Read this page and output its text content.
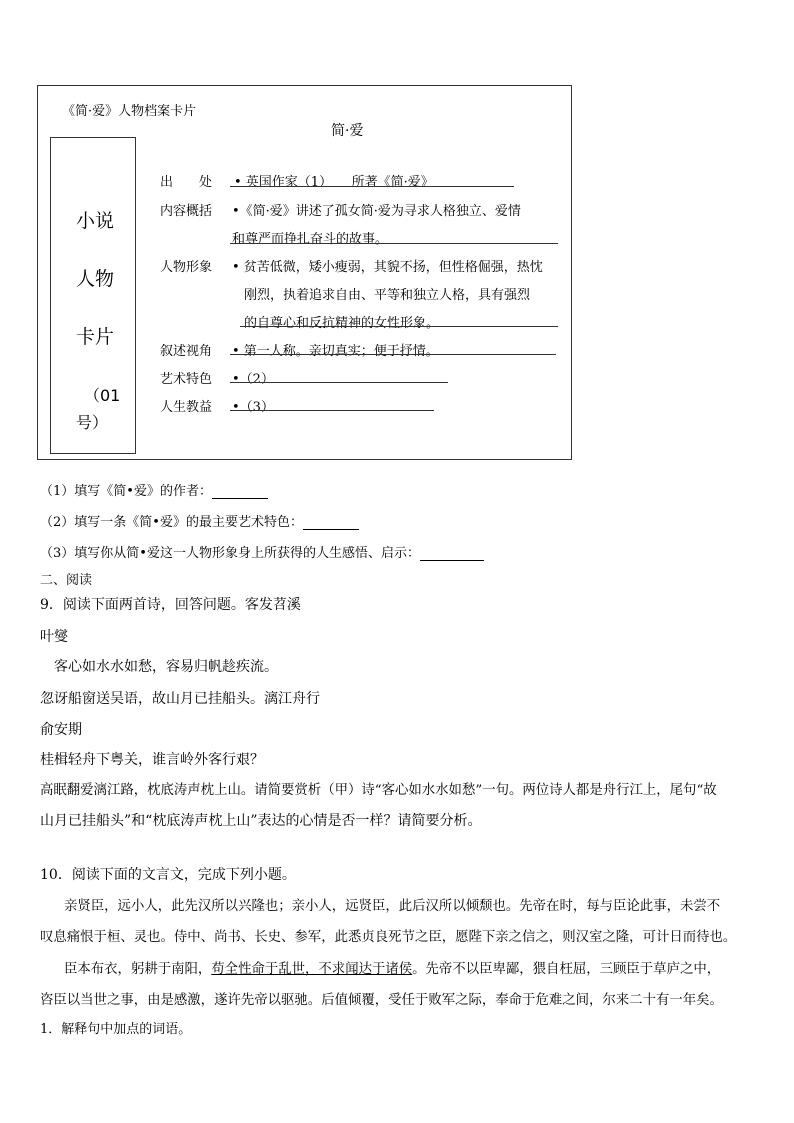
《简·爱》人物档案卡片
简·爱
小说
人物
卡片
（01
号）
出　　处 • 英国作家（1）　　所著《简·爱》
内容概括 •《简·爱》讲述了孤女简·爱为寻求人格独立、爱情
和尊严而挣扎奋斗的故事。
人物形象 • 贫苦低微，矮小瘦弱，其貌不扬，但性格倔强，热忱
刚烈，执着追求自由、平等和独立人格，具有强烈
的自尊心和反抗精神的女性形象。
叙述视角 • 第一人称。亲切真实；便于抒情。
艺术特色 •（2）
人生教益 •（3）
（1）填写《简•爱》的作者：
（2）填写一条《简•爱》的最主要艺术特色：
（3）填写你从简•爱这一人物形象身上所获得的人生感悟、启示：
二、阅读
9．阅读下面两首诗，回答问题。客发苕溪
叶燮
客心如水水如愁，容易归帆趁疾流。
忽讶船窗送吴语，故山月已挂船头。漓江舟行
俞安期
桂楫轻舟下粤关，谁言岭外客行艰？
高眠翻爱漓江路，枕底涛声枕上山。请简要赏析（甲）诗“客心如水水如愁”一句。两位诗人都是舟行江上，尾句“故
山月已挂船头”和“枕底涛声枕上山”表达的心情是否一样？请简要分析。
10．阅读下面的文言文，完成下列小题。
亲贤臣，远小人，此先汉所以兴隆也；亲小人，远贤臣，此后汉所以倾颓也。先帝在时，每与臣论此事，未尝不
叹息痛恨于桓、灵也。侍中、尚书、长史、参军，此悉贞良死节之臣，愿陛下亲之信之，则汉室之隆，可计日而待也。
臣本布衣，躬耕于南阳，苟全性命于乱世，不求闻达于诸侯。先帝不以臣卑鄙，猥自枉屈，三顾臣于草庐之中，
咨臣以当世之事，由是感激，遂许先帝以驱驰。后值倾覆，受任于败军之际，奉命于危难之间，尔来二十有一年矣。
1．解释句中加点的词语。
